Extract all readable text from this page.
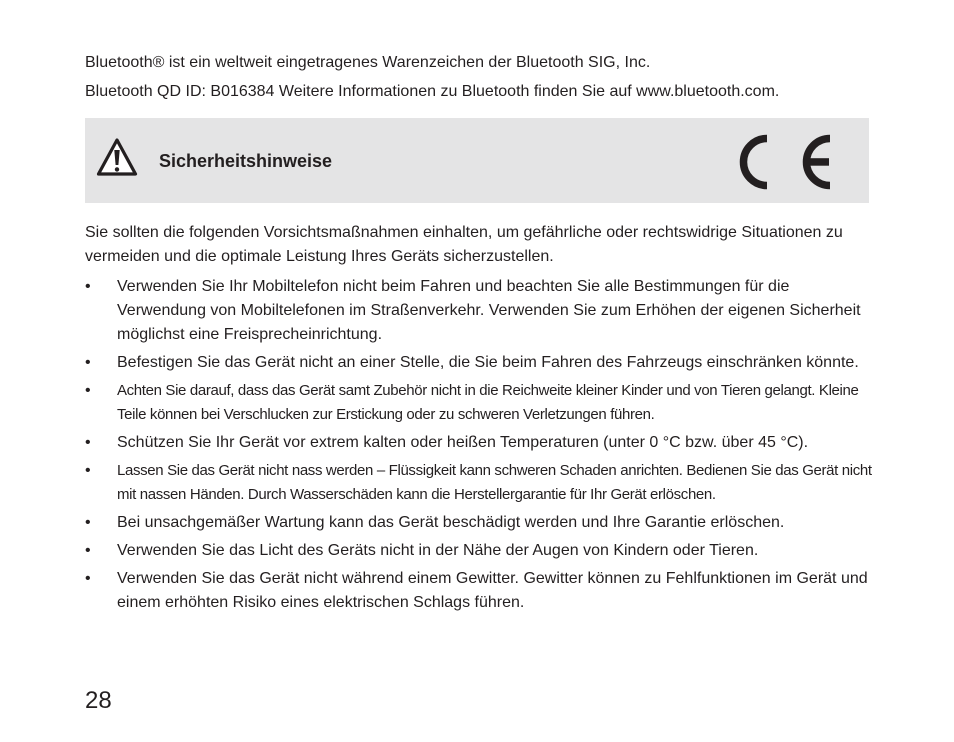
Bluetooth® ist ein weltweit eingetragenes Warenzeichen der Bluetooth SIG, Inc.
Bluetooth QD ID: B016384 Weitere Informationen zu Bluetooth finden Sie auf www.bluetooth.com.
Sicherheitshinweise
Sie sollten die folgenden Vorsichtsmaßnahmen einhalten, um gefährliche oder rechtswidrige Situationen zu vermeiden und die optimale Leistung Ihres Geräts sicherzustellen.
• Verwenden Sie Ihr Mobiltelefon nicht beim Fahren und beachten Sie alle Bestimmungen für die Verwendung von Mobiltelefonen im Straßenverkehr. Verwenden Sie zum Erhöhen der eigenen Sicherheit möglichst eine Freisprecheinrichtung.
• Befestigen Sie das Gerät nicht an einer Stelle, die Sie beim Fahren des Fahrzeugs einschränken könnte.
• Achten Sie darauf, dass das Gerät samt Zubehör nicht in die Reichweite kleiner Kinder und von Tieren gelangt. Kleine Teile können bei Verschlucken zur Erstickung oder zu schweren Verletzungen führen.
• Schützen Sie Ihr Gerät vor extrem kalten oder heißen Temperaturen (unter 0 °C bzw. über 45 °C).
• Lassen Sie das Gerät nicht nass werden – Flüssigkeit kann schweren Schaden anrichten. Bedienen Sie das Gerät nicht mit nassen Händen. Durch Wasserschäden kann die Herstellergarantie für Ihr Gerät erlöschen.
• Bei unsachgemäßer Wartung kann das Gerät beschädigt werden und Ihre Garantie erlöschen.
• Verwenden Sie das Licht des Geräts nicht in der Nähe der Augen von Kindern oder Tieren.
• Verwenden Sie das Gerät nicht während einem Gewitter. Gewitter können zu Fehlfunktionen im Gerät und einem erhöhten Risiko eines elektrischen Schlags führen.
28
